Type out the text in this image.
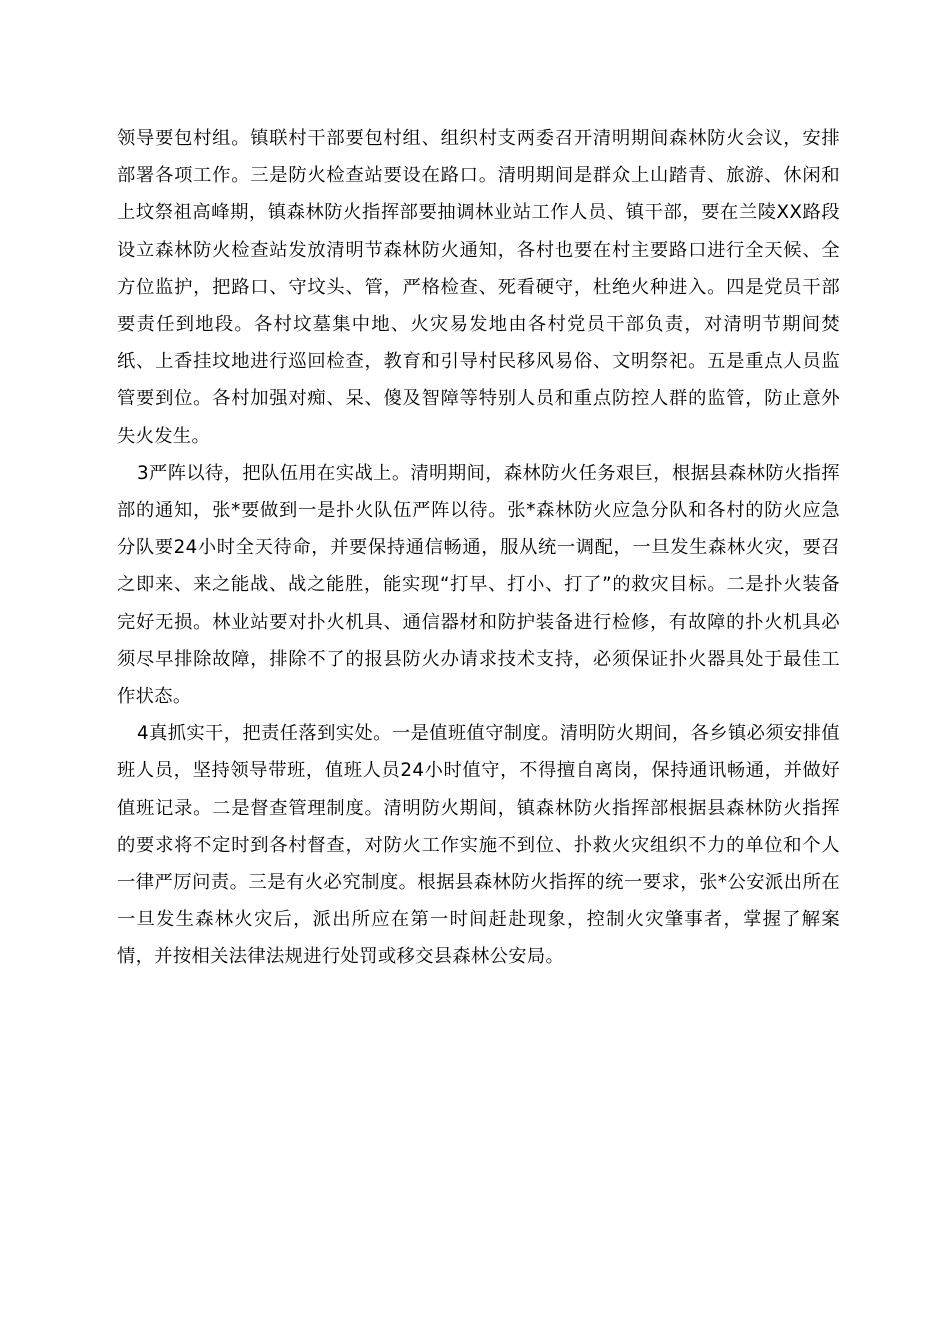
领导要包村组。镇联村干部要包村组、组织村支两委召开清明期间森林防火会议，安排部署各项工作。三是防火检查站要设在路口。清明期间是群众上山踏青、旅游、休闲和上坟祭祖高峰期，镇森林防火指挥部要抽调林业站工作人员、镇干部，要在兰陵XX路段设立森林防火检查站发放清明节森林防火通知，各村也要在村主要路口进行全天候、全方位监护，把路口、守坟头、管，严格检查、死看硬守，杜绝火种进入。四是党员干部要责任到地段。各村坟墓集中地、火灾易发地由各村党员干部负责，对清明节期间焚纸、上香挂坟地进行巡回检查，教育和引导村民移风易俗、文明祭祀。五是重点人员监管要到位。各村加强对痴、呆、傻及智障等特别人员和重点防控人群的监管，防止意外失火发生。

3严阵以待，把队伍用在实战上。清明期间，森林防火任务艰巨，根据县森林防火指挥部的通知，张*要做到一是扑火队伍严阵以待。张*森林防火应急分队和各村的防火应急分队要24小时全天待命，并要保持通信畅通，服从统一调配，一旦发生森林火灾，要召之即来、来之能战、战之能胜，能实现“打早、打小、打了”的救灾目标。二是扑火装备完好无损。林业站要对扑火机具、通信器材和防护装备进行检修，有故障的扑火机具必须尽早排除故障，排除不了的报县防火办请求技术支持，必须保证扑火器具处于最佳工作状态。

4真抓实干，把责任落到实处。一是值班值守制度。清明防火期间，各乡镇必须安排值班人员，坚持领导带班，值班人员24小时值守，不得擅自离岗，保持通讯畅通，并做好值班记录。二是督查管理制度。清明防火期间，镇森林防火指挥部根据县森林防火指挥的要求将不定时到各村督查，对防火工作实施不到位、扑救火灾组织不力的单位和个人一律严厉问责。三是有火必究制度。根据县森林防火指挥的统一要求，张*公安派出所在一旦发生森林火灾后，派出所应在第一时间赶赴现象，控制火灾肇事者，掌握了解案情，并按相关法律法规进行处罚或移交县森林公安局。
